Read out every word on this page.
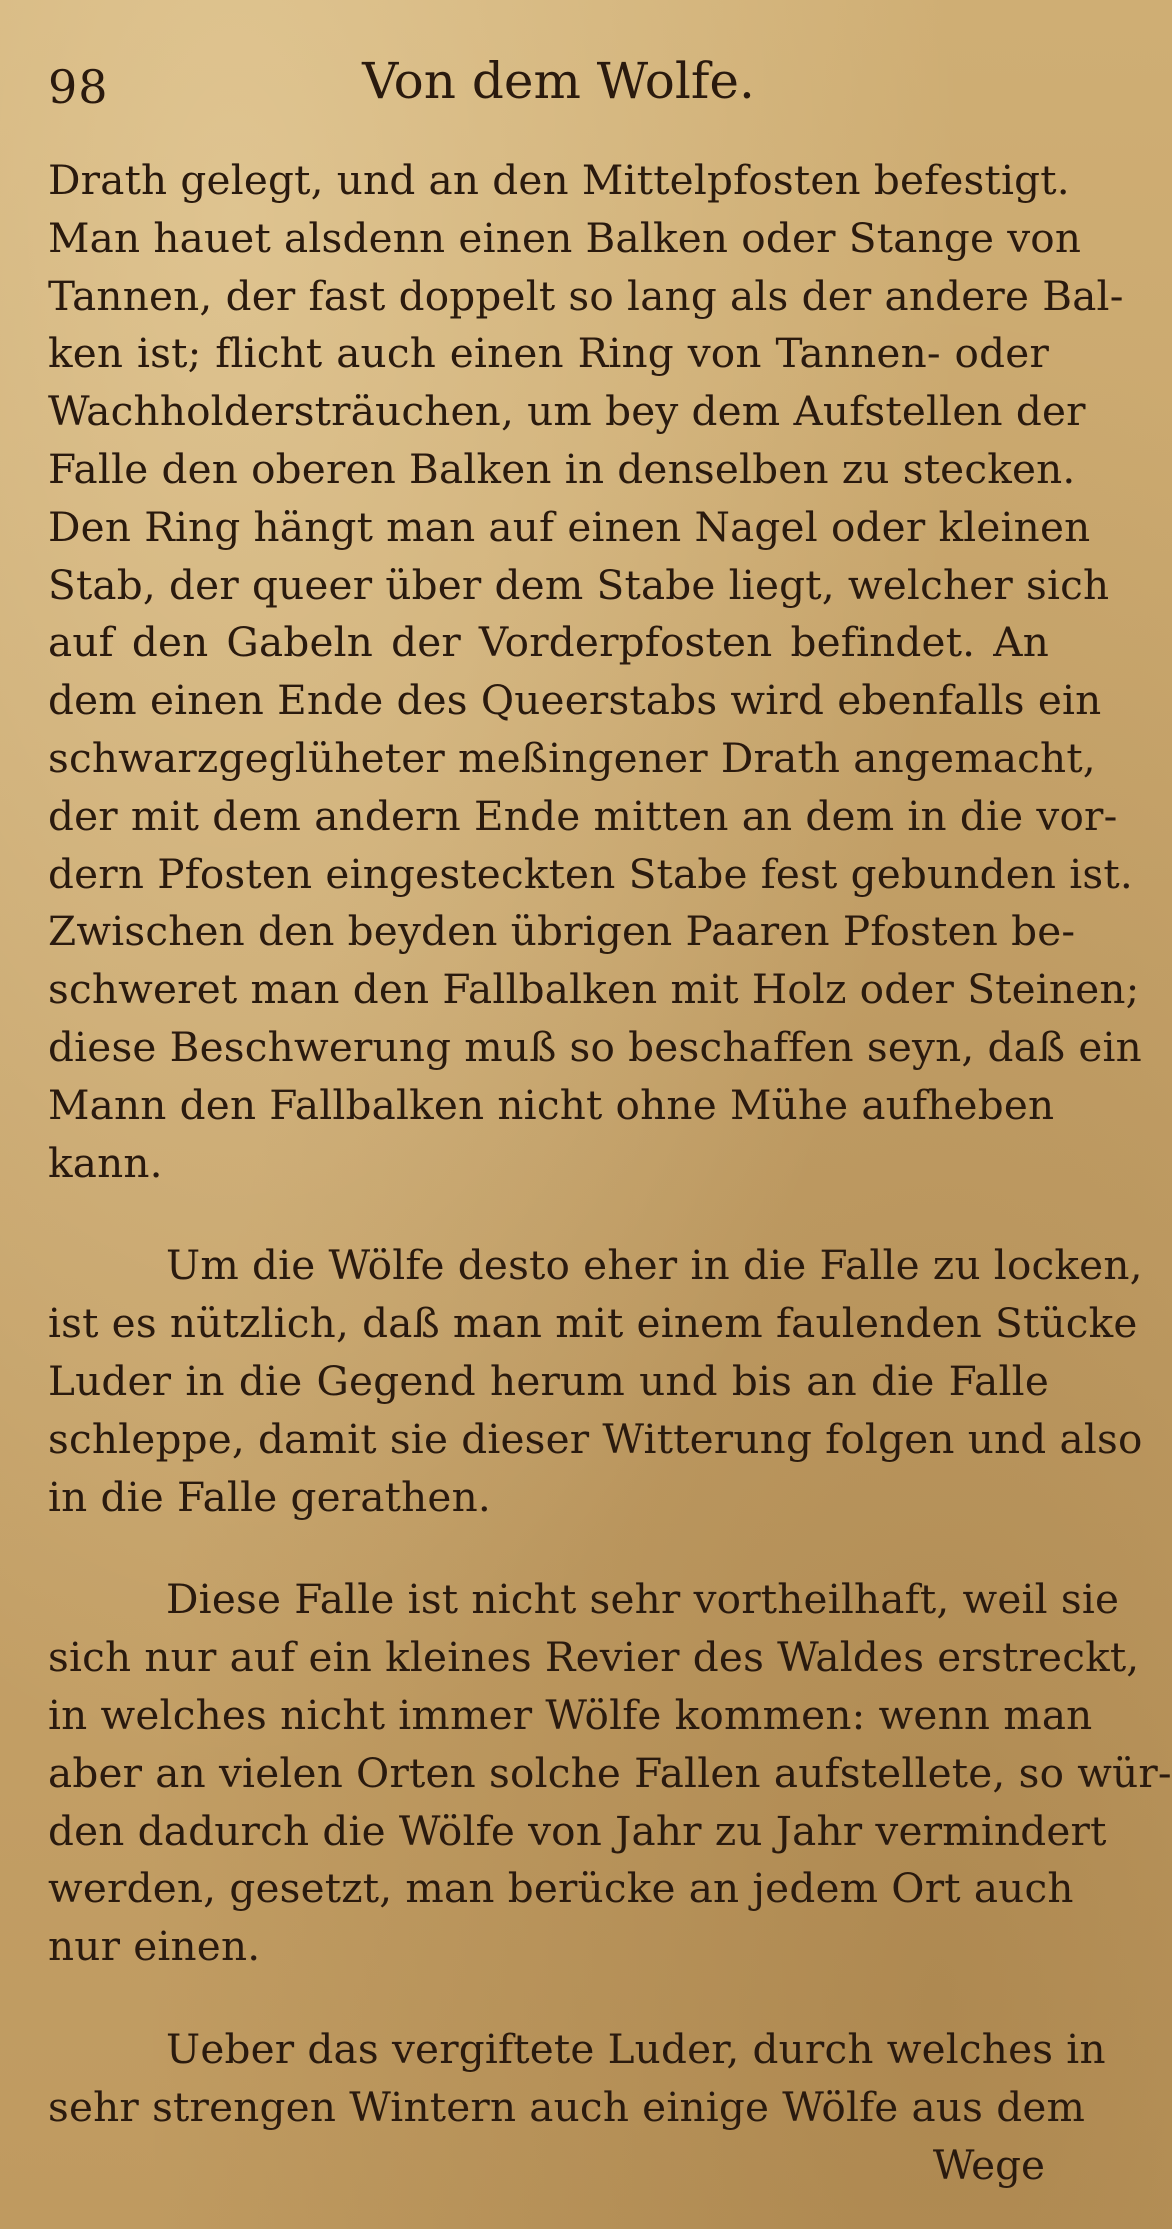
98	Von dem Wolfe.

Drath gelegt, und an den Mittelpfosten befestigt.
Man hauet alsdenn einen Balken oder Stange von
Tannen, der fast doppelt so lang als der andere Bal-
ken ist; flicht auch einen Ring von Tannen- oder
Wachholdersträuchen, um bey dem Aufstellen der
Falle den oberen Balken in denselben zu stecken.
Den Ring hängt man auf einen Nagel oder kleinen
Stab, der queer über dem Stabe liegt, welcher sich
auf den Gabeln der Vorderpfosten befindet. An
dem einen Ende des Queerstabs wird ebenfalls ein
schwarzgeglüheter meßingener Drath angemacht,
der mit dem andern Ende mitten an dem in die vor-
dern Pfosten eingesteckten Stabe fest gebunden ist.
Zwischen den beyden übrigen Paaren Pfosten be-
schweret man den Fallbalken mit Holz oder Steinen;
diese Beschwerung muß so beschaffen seyn, daß ein
Mann den Fallbalken nicht ohne Mühe aufheben
kann.

Um die Wölfe desto eher in die Falle zu locken,
ist es nützlich, daß man mit einem faulenden Stücke
Luder in die Gegend herum und bis an die Falle
schleppe, damit sie dieser Witterung folgen und also
in die Falle gerathen.

Diese Falle ist nicht sehr vortheilhaft, weil sie
sich nur auf ein kleines Revier des Waldes erstreckt,
in welches nicht immer Wölfe kommen: wenn man
aber an vielen Orten solche Fallen aufstellete, so wür-
den dadurch die Wölfe von Jahr zu Jahr vermindert
werden, gesetzt, man berücke an jedem Ort auch
nur einen.

Ueber das vergiftete Luder, durch welches in
sehr strengen Wintern auch einige Wölfe aus dem

Wege
